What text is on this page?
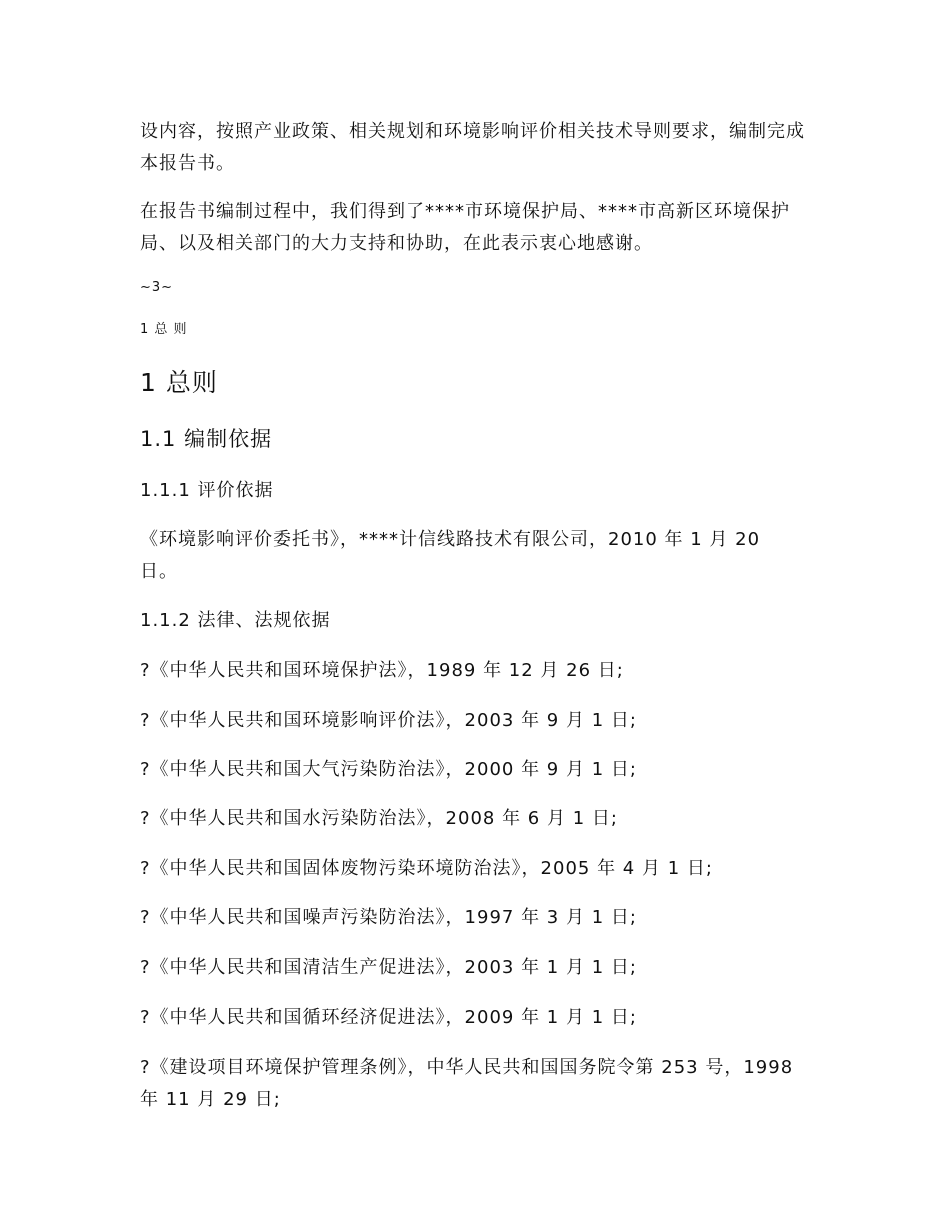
设内容，按照产业政策、相关规划和环境影响评价相关技术导则要求，编制完成本报告书。

在报告书编制过程中，我们得到了****市环境保护局、****市高新区环境保护局、以及相关部门的大力支持和协助，在此表示衷心地感谢。

~3~

1 总 则

1 总则
1.1 编制依据
1.1.1 评价依据

《环境影响评价委托书》，****计信线路技术有限公司，2010 年 1 月 20 日。

1.1.2 法律、法规依据

?《中华人民共和国环境保护法》，1989 年 12 月 26 日;

?《中华人民共和国环境影响评价法》，2003 年 9 月 1 日;

?《中华人民共和国大气污染防治法》，2000 年 9 月 1 日;

?《中华人民共和国水污染防治法》，2008 年 6 月 1 日;

?《中华人民共和国固体废物污染环境防治法》，2005 年 4 月 1 日;

?《中华人民共和国噪声污染防治法》，1997 年 3 月 1 日;

?《中华人民共和国清洁生产促进法》，2003 年 1 月 1 日;

?《中华人民共和国循环经济促进法》，2009 年 1 月 1 日;

?《建设项目环境保护管理条例》，中华人民共和国国务院令第 253 号，1998 年 11 月 29 日;
